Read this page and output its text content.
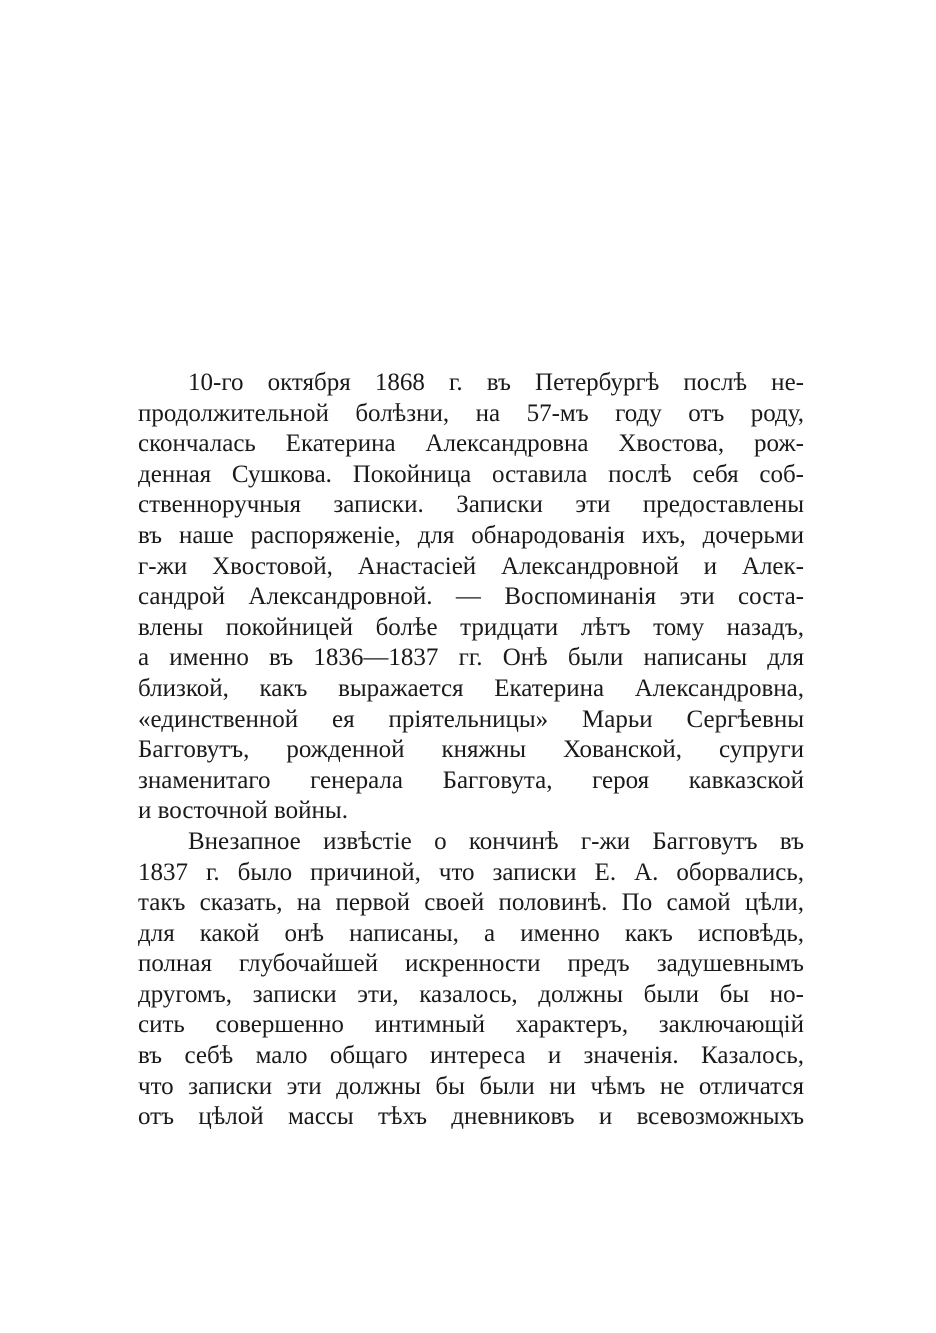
10-го октября 1868 г. въ Петербургѣ послѣ не-
продолжительной болѣзни, на 57-мъ году отъ роду,
скончалась Екатерина Александровна Хвостова, рож-
денная Сушкова. Покойница оставила послѣ себя соб-
ственноручныя записки. Записки эти предоставлены
въ наше распоряженіе, для обнародованія ихъ, дочерьми
г-жи Хвостовой, Анастасіей Александровной и Алек-
сандрой Александровной. — Воспоминанія эти соста-
влены покойницей болѣе тридцати лѣтъ тому назадъ,
а именно въ 1836—1837 гг. Онѣ были написаны для
близкой, какъ выражается Екатерина Александровна,
«единственной ея пріятельницы» Марьи Сергѣевны
Багговутъ, рожденной княжны Хованской, супруги
знаменитаго генерала Багговута, героя кавказской
и восточной войны.

Внезапное извѣстіе о кончинѣ г-жи Багговутъ въ
1837 г. было причиной, что записки Е. А. оборвались,
такъ сказать, на первой своей половинѣ. По самой цѣли,
для какой онѣ написаны, а именно какъ исповѣдь,
полная глубочайшей искренности предъ задушевнымъ
другомъ, записки эти, казалось, должны были бы но-
сить совершенно интимный характеръ, заключающій
въ себѣ мало общаго интереса и значенія. Казалось,
что записки эти должны бы были ни чѣмъ не отличатся
отъ цѣлой массы тѣхъ дневниковъ и всевозможныхъ
